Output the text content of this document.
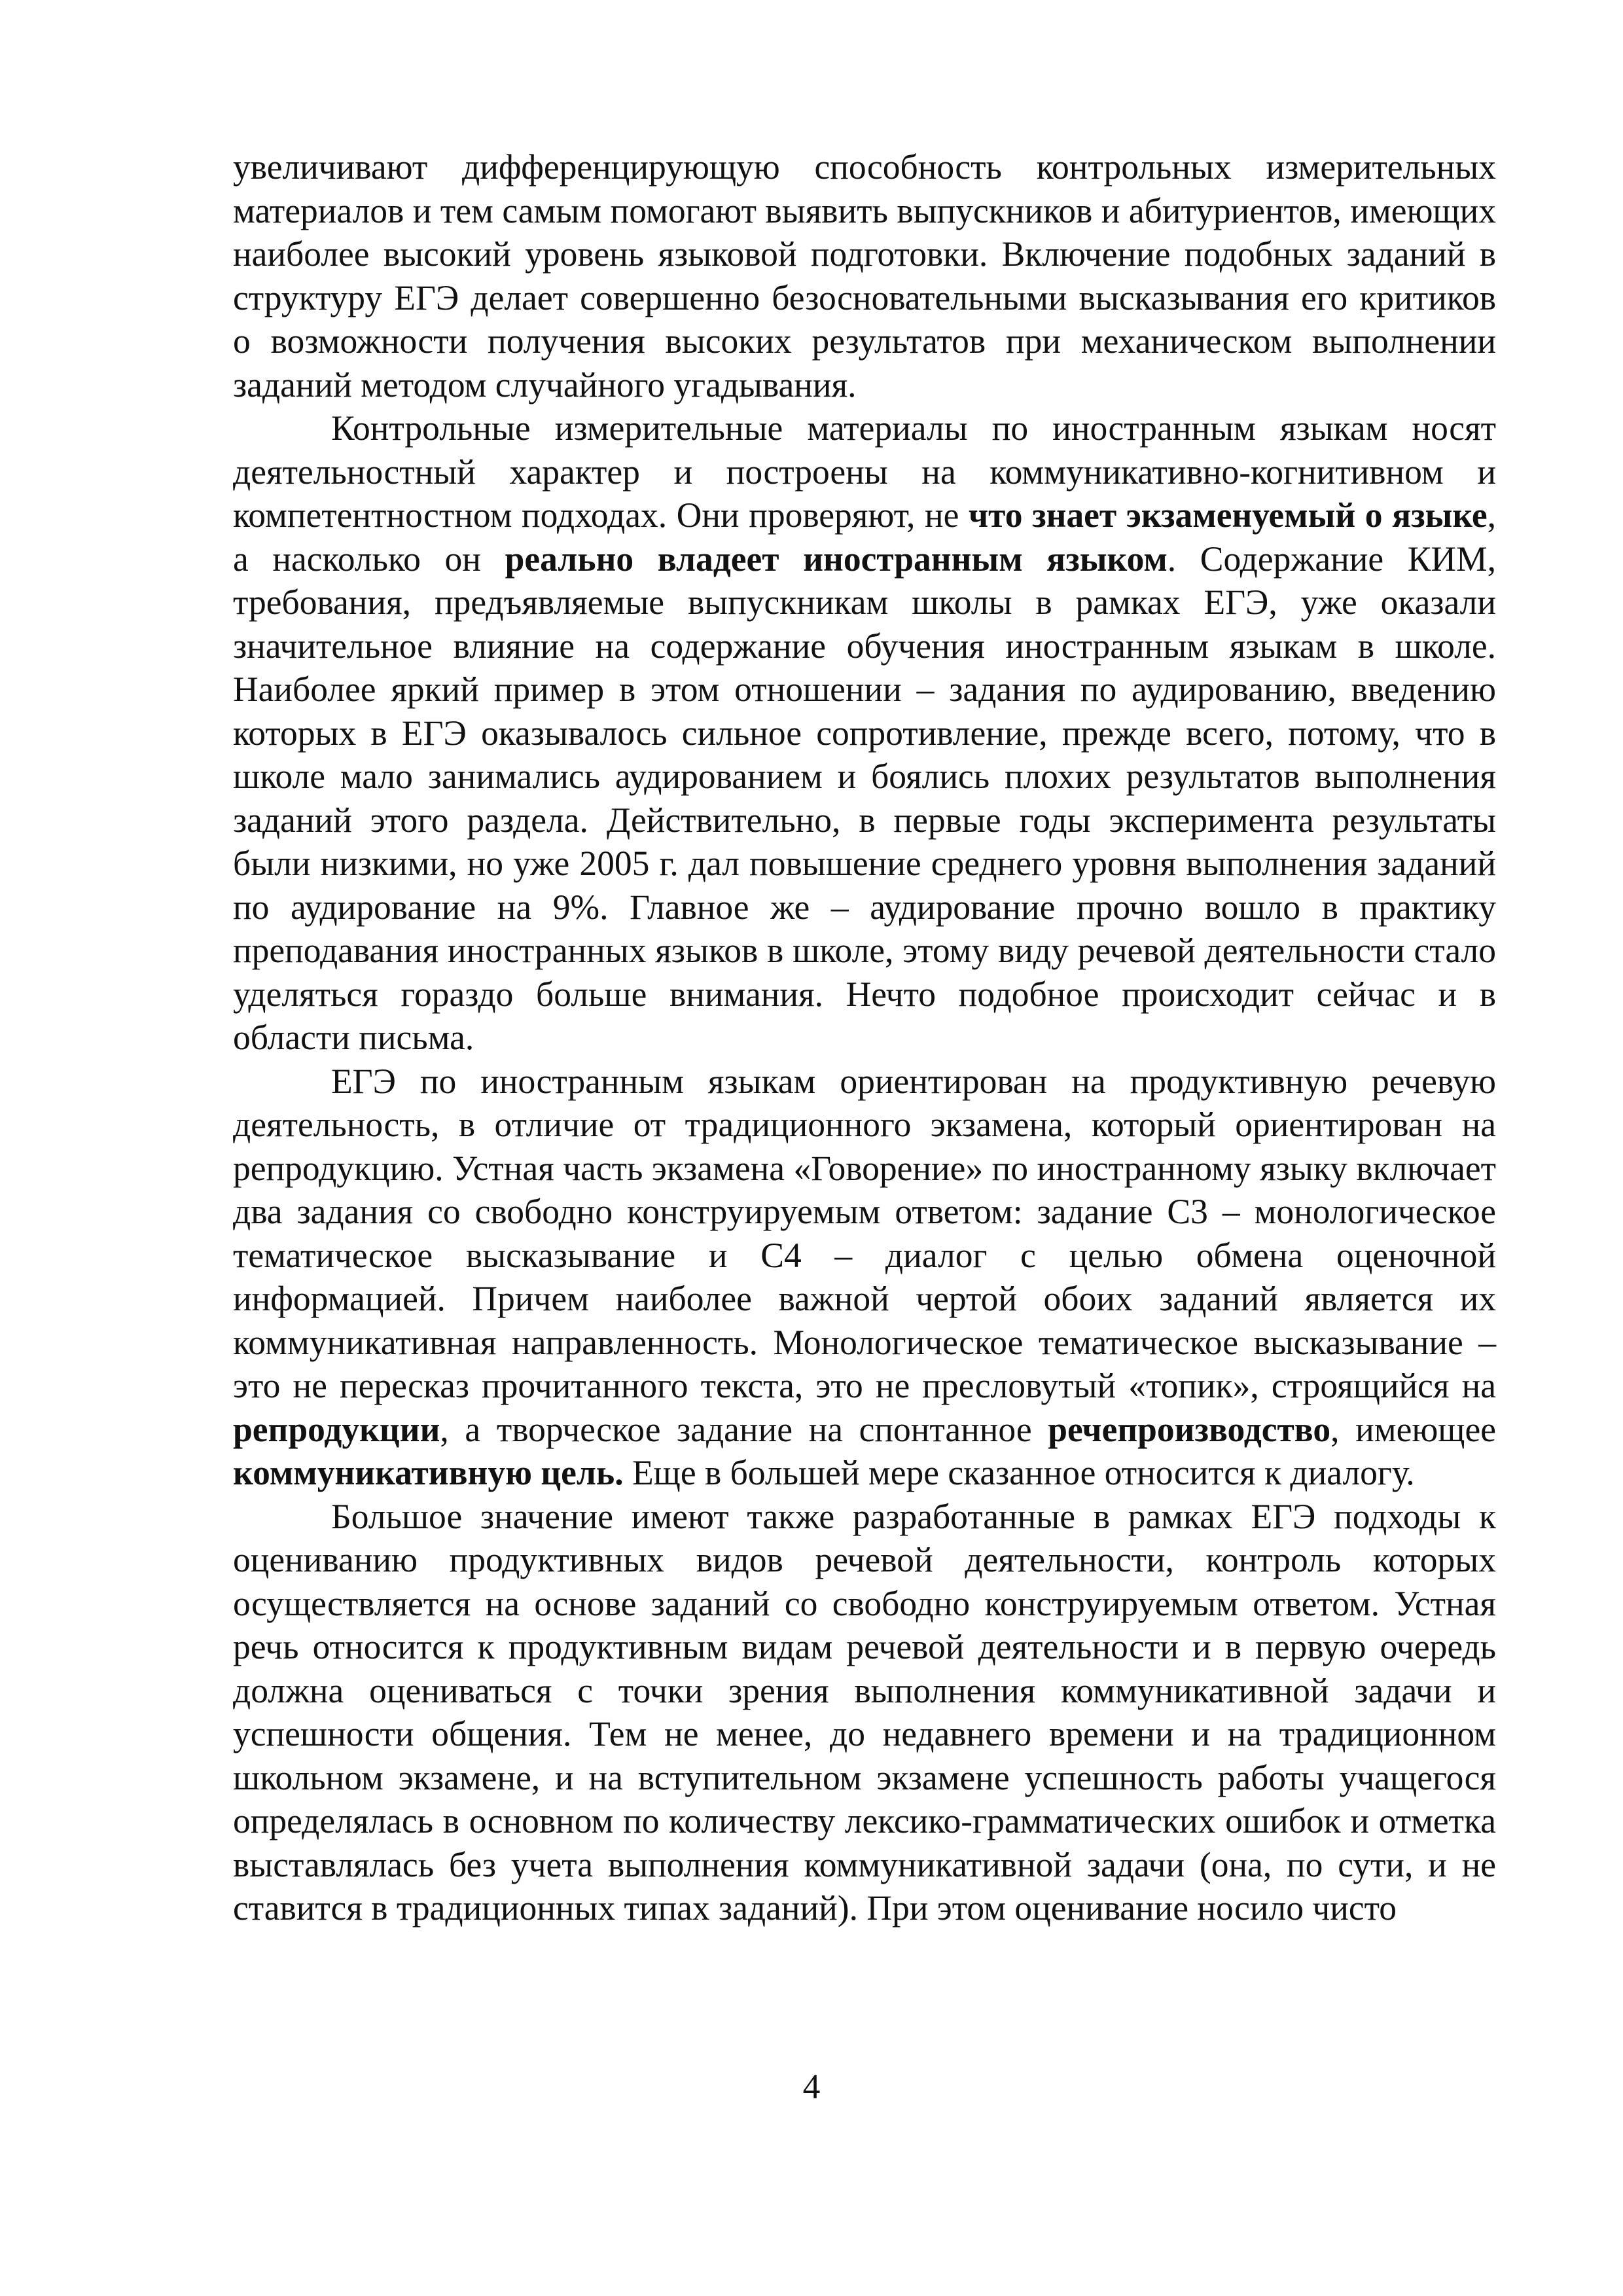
увеличивают дифференцирующую способность контрольных измерительных материалов и тем самым помогают выявить выпускников и абитуриентов, имеющих наиболее высокий уровень языковой подготовки. Включение подобных заданий в структуру ЕГЭ делает совершенно безосновательными высказывания его критиков о возможности получения высоких результатов при механическом выполнении заданий методом случайного угадывания.

Контрольные измерительные материалы по иностранным языкам носят деятельностный характер и построены на коммуникативно-когнитивном и компетентностном подходах. Они проверяют, не что знает экзаменуемый о языке, а насколько он реально владеет иностранным языком. Содержание КИМ, требования, предъявляемые выпускникам школы в рамках ЕГЭ, уже оказали значительное влияние на содержание обучения иностранным языкам в школе. Наиболее яркий пример в этом отношении – задания по аудированию, введению которых в ЕГЭ оказывалось сильное сопротивление, прежде всего, потому, что в школе мало занимались аудированием и боялись плохих результатов выполнения заданий этого раздела. Действительно, в первые годы эксперимента результаты были низкими, но уже 2005 г. дал повышение среднего уровня выполнения заданий по аудирование на 9%. Главное же – аудирование прочно вошло в практику преподавания иностранных языков в школе, этому виду речевой деятельности стало уделяться гораздо больше внимания. Нечто подобное происходит сейчас и в области письма.

ЕГЭ по иностранным языкам ориентирован на продуктивную речевую деятельность, в отличие от традиционного экзамена, который ориентирован на репродукцию. Устная часть экзамена «Говорение» по иностранному языку включает два задания со свободно конструируемым ответом: задание С3 – монологическое тематическое высказывание и С4 – диалог с целью обмена оценочной информацией. Причем наиболее важной чертой обоих заданий является их коммуникативная направленность. Монологическое тематическое высказывание – это не пересказ прочитанного текста, это не пресловутый «топик», строящийся на репродукции, а творческое задание на спонтанное речепроизводство, имеющее коммуникативную цель. Еще в большей мере сказанное относится к диалогу.

Большое значение имеют также разработанные в рамках ЕГЭ подходы к оцениванию продуктивных видов речевой деятельности, контроль которых осуществляется на основе заданий со свободно конструируемым ответом. Устная речь относится к продуктивным видам речевой деятельности и в первую очередь должна оцениваться с точки зрения выполнения коммуникативной задачи и успешности общения. Тем не менее, до недавнего времени и на традиционном школьном экзамене, и на вступительном экзамене успешность работы учащегося определялась в основном по количеству лексико-грамматических ошибок и отметка выставлялась без учета выполнения коммуникативной задачи (она, по сути, и не ставится в традиционных типах заданий). При этом оценивание носило чисто

4
